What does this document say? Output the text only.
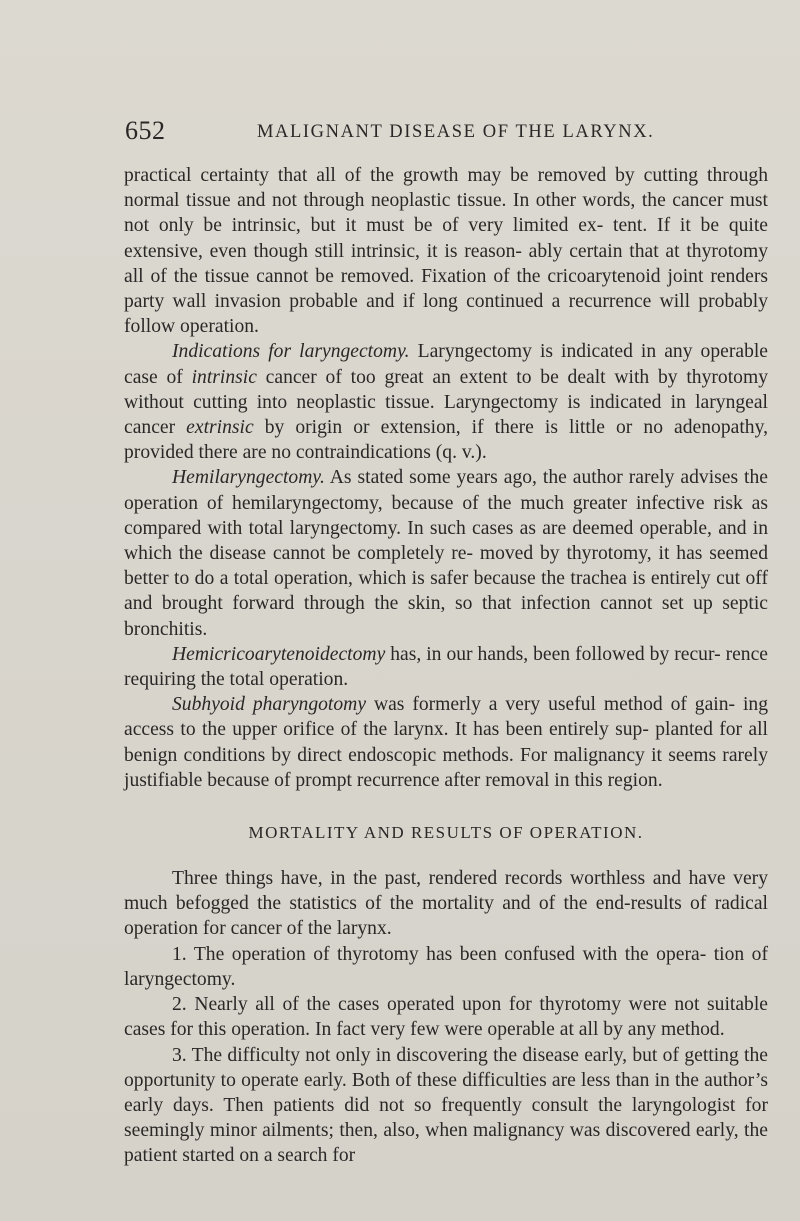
652	MALIGNANT DISEASE OF THE LARYNX.

practical certainty that all of the growth may be removed by cutting through normal tissue and not through neoplastic tissue. In other words, the cancer must not only be intrinsic, but it must be of very limited ex- tent. If it be quite extensive, even though still intrinsic, it is reason- ably certain that at thyrotomy all of the tissue cannot be removed. Fixation of the cricoarytenoid joint renders party wall invasion probable and if long continued a recurrence will probably follow operation.

Indications for laryngectomy. Laryngectomy is indicated in any operable case of intrinsic cancer of too great an extent to be dealt with by thyrotomy without cutting into neoplastic tissue. Laryngectomy is indicated in laryngeal cancer extrinsic by origin or extension, if there is little or no adenopathy, provided there are no contraindications (q. v.).

Hemilaryngectomy. As stated some years ago, the author rarely advises the operation of hemilaryngectomy, because of the much greater infective risk as compared with total laryngectomy. In such cases as are deemed operable, and in which the disease cannot be completely re- moved by thyrotomy, it has seemed better to do a total operation, which is safer because the trachea is entirely cut off and brought forward through the skin, so that infection cannot set up septic bronchitis.

Hemicricoarytenoidectomy has, in our hands, been followed by recur- rence requiring the total operation.

Subhyoid pharyngotomy was formerly a very useful method of gain- ing access to the upper orifice of the larynx. It has been entirely sup- planted for all benign conditions by direct endoscopic methods. For malignancy it seems rarely justifiable because of prompt recurrence after removal in this region.

MORTALITY AND RESULTS OF OPERATION.

Three things have, in the past, rendered records worthless and have very much befogged the statistics of the mortality and of the end-results of radical operation for cancer of the larynx.

1. The operation of thyrotomy has been confused with the opera- tion of laryngectomy.

2. Nearly all of the cases operated upon for thyrotomy were not suitable cases for this operation. In fact very few were operable at all by any method.

3. The difficulty not only in discovering the disease early, but of getting the opportunity to operate early. Both of these difficulties are less than in the author’s early days. Then patients did not so frequently consult the laryngologist for seemingly minor ailments; then, also, when malignancy was discovered early, the patient started on a search for
